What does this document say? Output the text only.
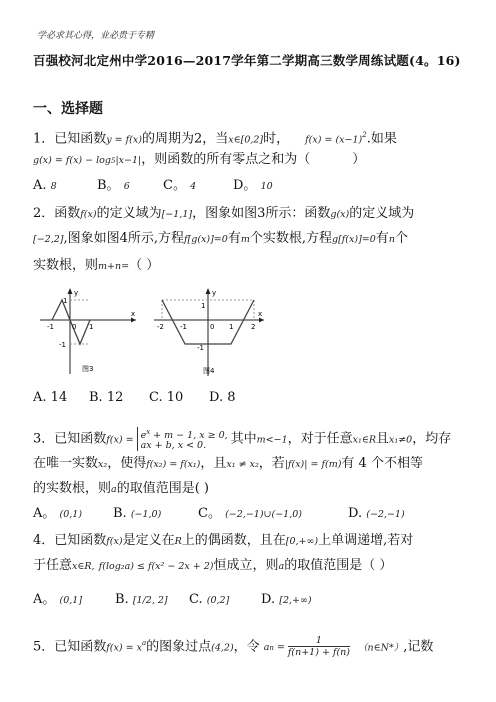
学必求其心得，业必贵于专精
百强校河北定州中学2016—2017学年第二学期高三数学周练试题(4。16)
一、选择题
1．已知函数y = f(x)的周期为2，当x∈[0,2]时， $f(x) = (x-1)^2$.如果
g(x) = f(x) − log5|x−1|，则函数的所有零点之和为（	）
A. 8	B。 6	C。 4	D。 10
2．函数f(x)的定义域为[−1,1]，图象如图3所示：函数g(x)的定义域为
[−2,2],图象如图4所示,方程f[g(x)]=0有m个实数根,方程g[f(x)]=0有n个
实数根，则m+n=（ ）
x
y
-1	0 1
1
-1
图3
x
y
-2 -1	0 1	2
1
-1
图4
A. 14 B. 12 C. 10 D. 8
3．已知函数$f(x) = e^x + m - 1$, x ≥ 0,
ax + b, x < 0.	其中m<−1，对于任意x₁∈R且x₁≠0，均存
在唯一实数x₂，使得f(x₂) = f(x₁)，且x₁ ≠ x₂，若|f(x)| = f(m)有 4 个不相等
的实数根，则a的取值范围是( )
A。 (0,1) B. (−1,0)	C。 (−2,−1)∪(−1,0)	D. (−2,−1)
4．已知函数f(x)是定义在R上的偶函数，且在[0,+∞)上单调递增,若对
于任意x∈R, f(log₂a) ≤ f(x² − 2x + 2)恒成立，则a的取值范围是（ ）
A。 (0,1]	B. [1/2, 2] C. (0,2] D. [2,+∞)
5．已知函数$f(x) = x^a$的图象过点(4,2)，令 an = $\frac{1}{f(n+1) + f(n)}$ （n∈N*）,记数
